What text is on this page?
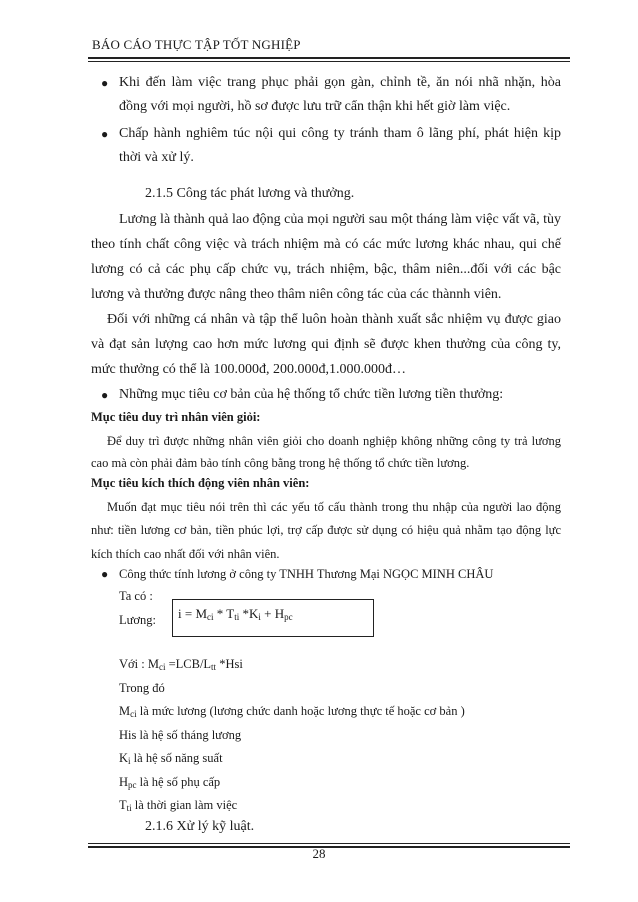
BÁO CÁO THỰC TẬP TỐT NGHIỆP
● Khi đến làm việc trang phục phải gọn gàn, chỉnh tề, ăn nói nhã nhặn, hòa
đồng với mọi người, hồ sơ được lưu trữ cẩn thận khi hết giờ làm việc.
● Chấp hành nghiêm túc nội qui công ty tránh tham ô lãng phí, phát hiện kịp
thời và xử lý.
2.1.5 Công tác phát lương và thưởng.
Lương là thành quả lao động của mọi người sau một tháng làm việc vất vã, tùy
theo tính chất công việc và trách nhiệm mà có các mức lương khác nhau, qui chế
lương có cả các phụ cấp chức vụ, trách nhiệm, bậc, thâm niên...đối với các bậc
lương và thưởng được nâng theo thâm niên công tác của các thànnh viên.
Đối với những cá nhân và tập thể luôn hoàn thành xuất sắc nhiệm vụ được giao
và đạt sản lượng cao hơn mức lương qui định sẽ được khen thưởng của công ty,
mức thưởng có thể là 100.000đ, 200.000đ,1.000.000đ…
● Những mục tiêu cơ bản của hệ thống tổ chức tiền lương tiền thưởng:
Mục tiêu duy trì nhân viên giỏi:
Để duy trì được những nhân viên giỏi cho doanh nghiệp không những công ty trả lương
cao mà còn phải đảm bảo tính công bằng trong hệ thống tổ chức tiền lương.
Mục tiêu kích thích động viên nhân viên:
Muốn đạt mục tiêu nói trên thì các yếu tố cấu thành trong thu nhập của người lao động
như: tiền lương cơ bản, tiền phúc lợi, trợ cấp được sử dụng có hiệu quả nhằm tạo động lực
kích thích cao nhất đối với nhân viên.
● Công thức tính lương ở công ty TNHH Thương Mại NGỌC MINH CHÂU
Ta có :
Lương: $i = M_{ci} * T_{ti}$ $*K_i + H_{pc}$
Với : $M_{ci} =LCB/L_{tt}$ *Hsi
Trong đó
$M_{ci}$ là mức lương (lương chức danh hoặc lương thực tế hoặc cơ bản )
His là hệ số tháng lương
$K_i$ là hệ số năng suất
$H_{pc}$ là hệ số phụ cấp
$T_{ti}$ là thời gian làm việc
2.1.6 Xử lý kỹ luật.
28
